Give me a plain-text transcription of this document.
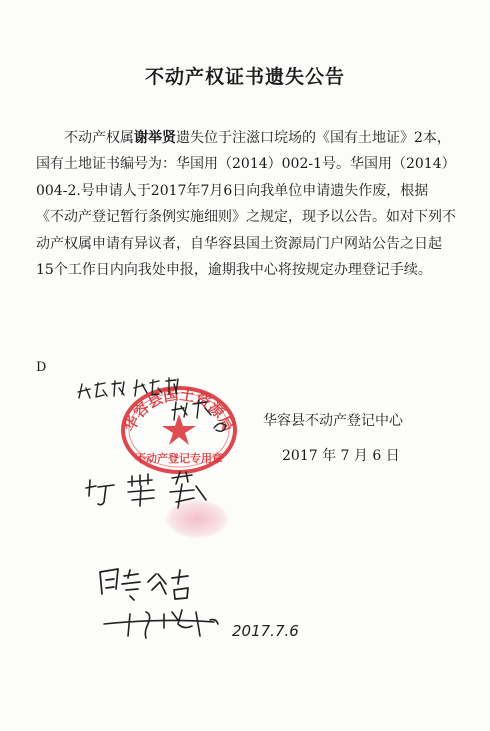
不动产权证书遗失公告
不动产权属谢举贤遗失位于注滋口垸场的《国有土地证》2本，国有土地证书编号为：华国用（2014）002-1号。华国用（2014）004-2.号申请人于2017年7月6日向我单位申请遗失作废，根据《不动产登记暂行条例实施细则》之规定，现予以公告。如对下列不动产权属申请有异议者，自华容县国土资源局门户网站公告之日起15个工作日内向我处申报，逾期我中心将按规定办理登记手续。
D
华容县不动产登记中心
2017 年 7 月 6 日
华容县国土资源局
不动产登记专用章
2017.7.6
